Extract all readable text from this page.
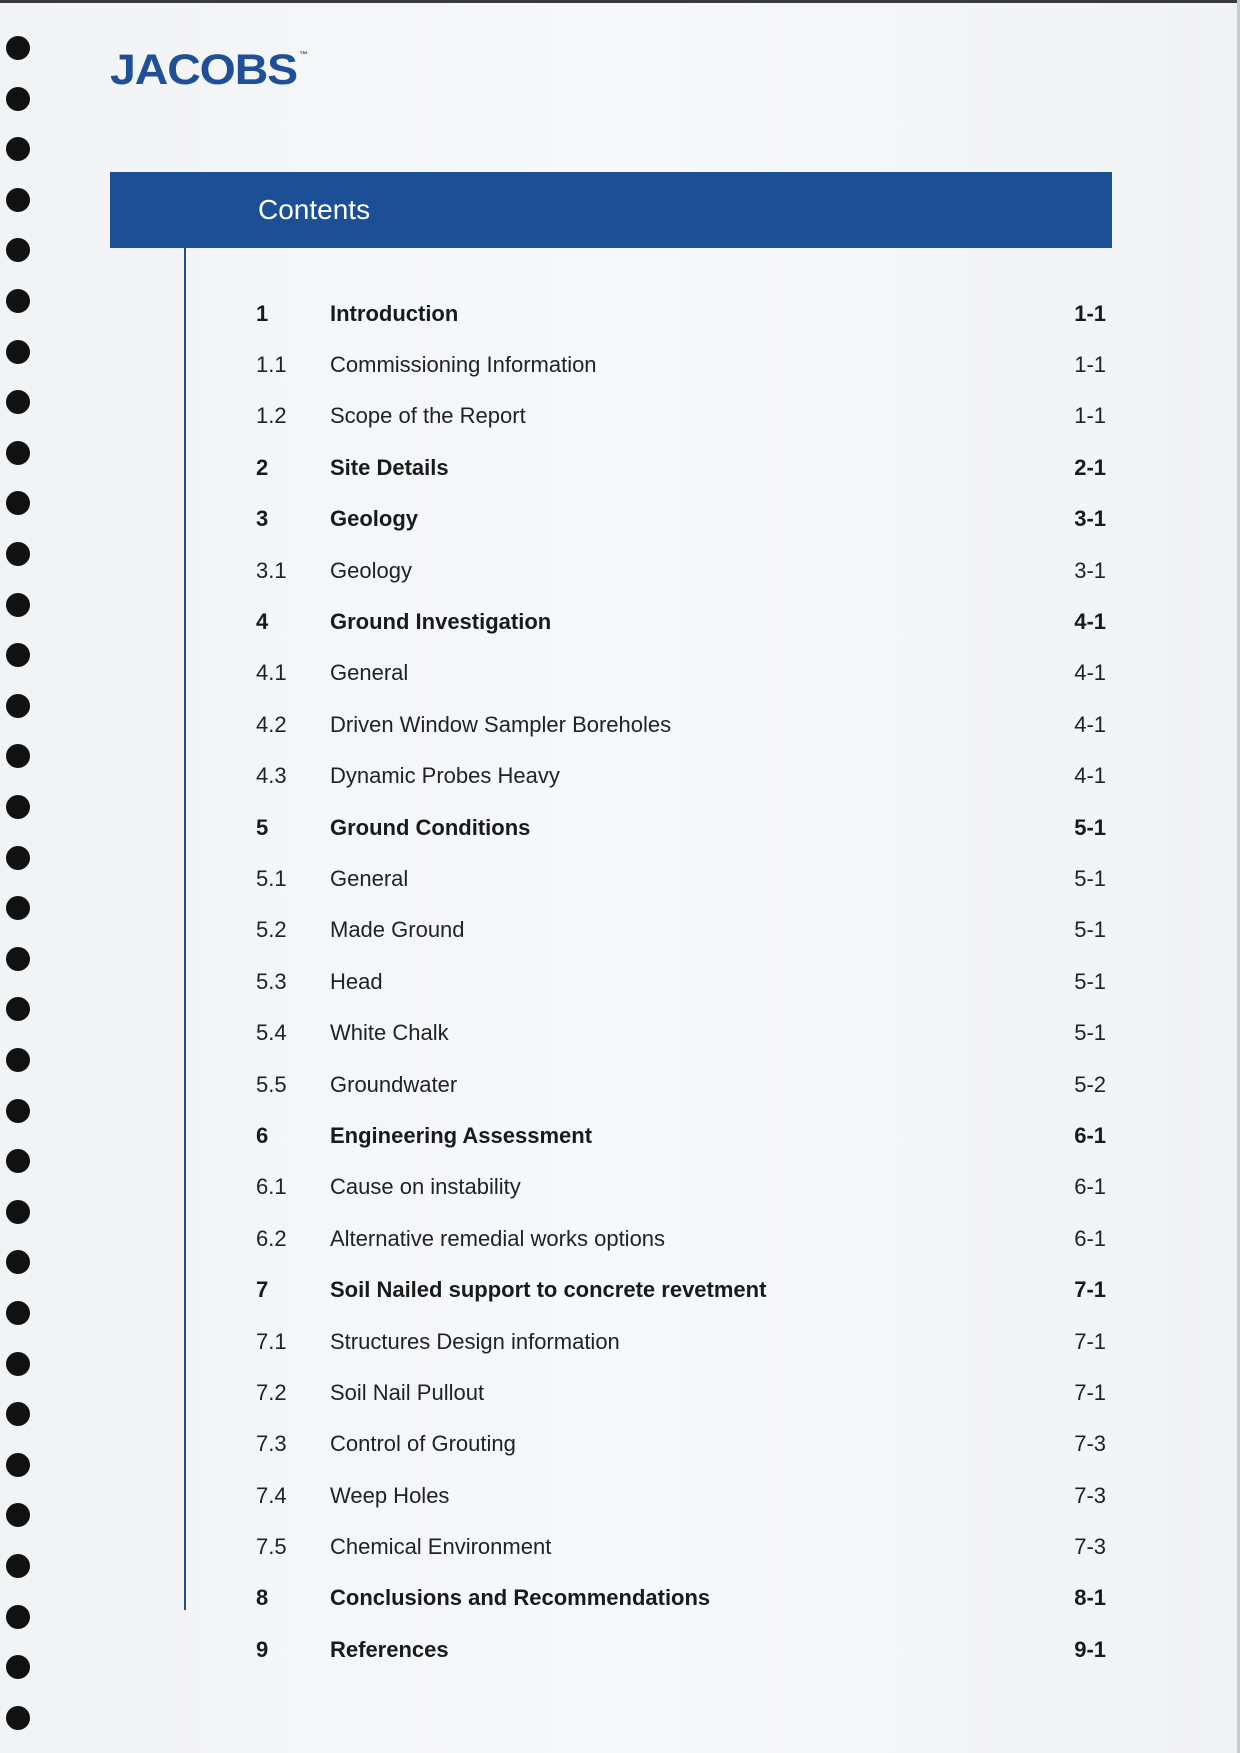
JACOBS ™
Contents
1	Introduction	1-1
1.1	Commissioning Information	1-1
1.2	Scope of the Report	1-1
2	Site Details	2-1
3	Geology	3-1
3.1	Geology	3-1
4	Ground Investigation	4-1
4.1	General	4-1
4.2	Driven Window Sampler Boreholes	4-1
4.3	Dynamic Probes Heavy	4-1
5	Ground Conditions	5-1
5.1	General	5-1
5.2	Made Ground	5-1
5.3	Head	5-1
5.4	White Chalk	5-1
5.5	Groundwater	5-2
6	Engineering Assessment	6-1
6.1	Cause on instability	6-1
6.2	Alternative remedial works options	6-1
7	Soil Nailed support to concrete revetment	7-1
7.1	Structures Design information	7-1
7.2	Soil Nail Pullout	7-1
7.3	Control of Grouting	7-3
7.4	Weep Holes	7-3
7.5	Chemical Environment	7-3
8	Conclusions and Recommendations	8-1
9	References	9-1
